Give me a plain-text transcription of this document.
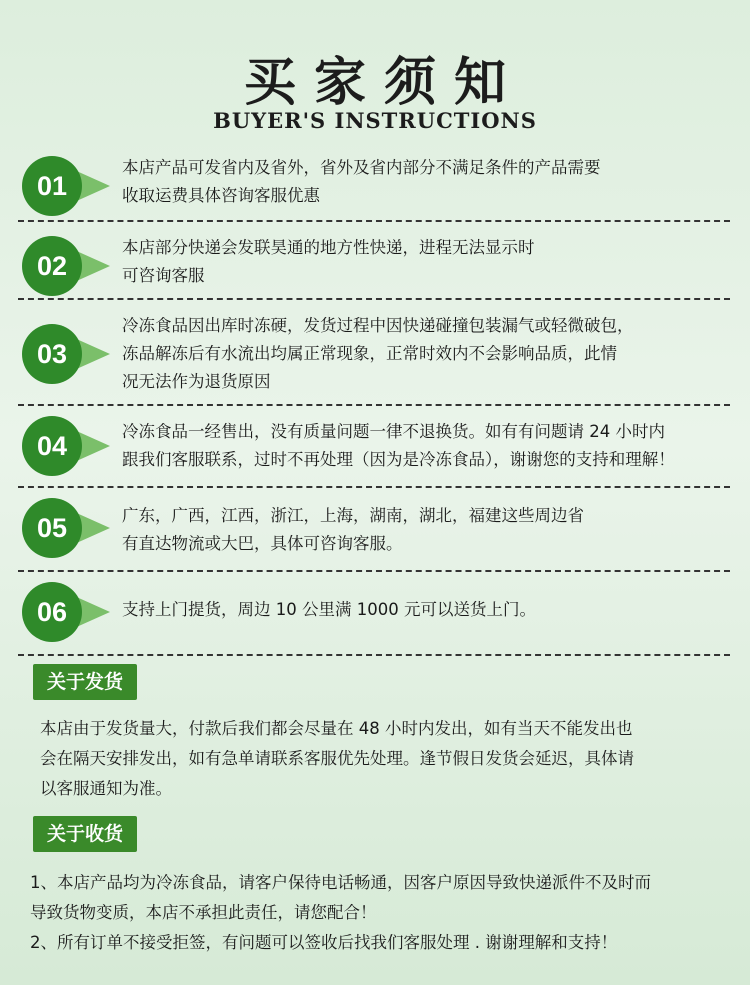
买家须知
BUYER'S INSTRUCTIONS
01
本店产品可发省内及省外，省外及省内部分不满足条件的产品需要
收取运费具体咨询客服优惠
02
本店部分快递会发联昊通的地方性快递，进程无法显示时
可咨询客服
03
冷冻食品因出库时冻硬，发货过程中因快递碰撞包装漏气或轻微破包，
冻品解冻后有水流出均属正常现象，正常时效内不会影响品质，此情
况无法作为退货原因
04	冷冻食品一经售出，没有质量问题一律不退换货。如有有问题请 24 小时内
跟我们客服联系，过时不再处理（因为是冷冻食品），谢谢您的支持和理解！
05	广东，广西，江西，浙江，上海，湖南，湖北，福建这些周边省
有直达物流或大巴，具体可咨询客服。
06	支持上门提货，周边 10 公里满 1000 元可以送货上门。
关于发货
本店由于发货量大，付款后我们都会尽量在 48 小时内发出，如有当天不能发出也
会在隔天安排发出，如有急单请联系客服优先处理。逢节假日发货会延迟，具体请
以客服通知为准。
关于收货
1、本店产品均为冷冻食品，请客户保待电话畅通，因客户原因导致快递派件不及时而
导致货物变质，本店不承担此责任，请您配合！
2、所有订单不接受拒签，有问题可以签收后找我们客服处理 . 谢谢理解和支持！
